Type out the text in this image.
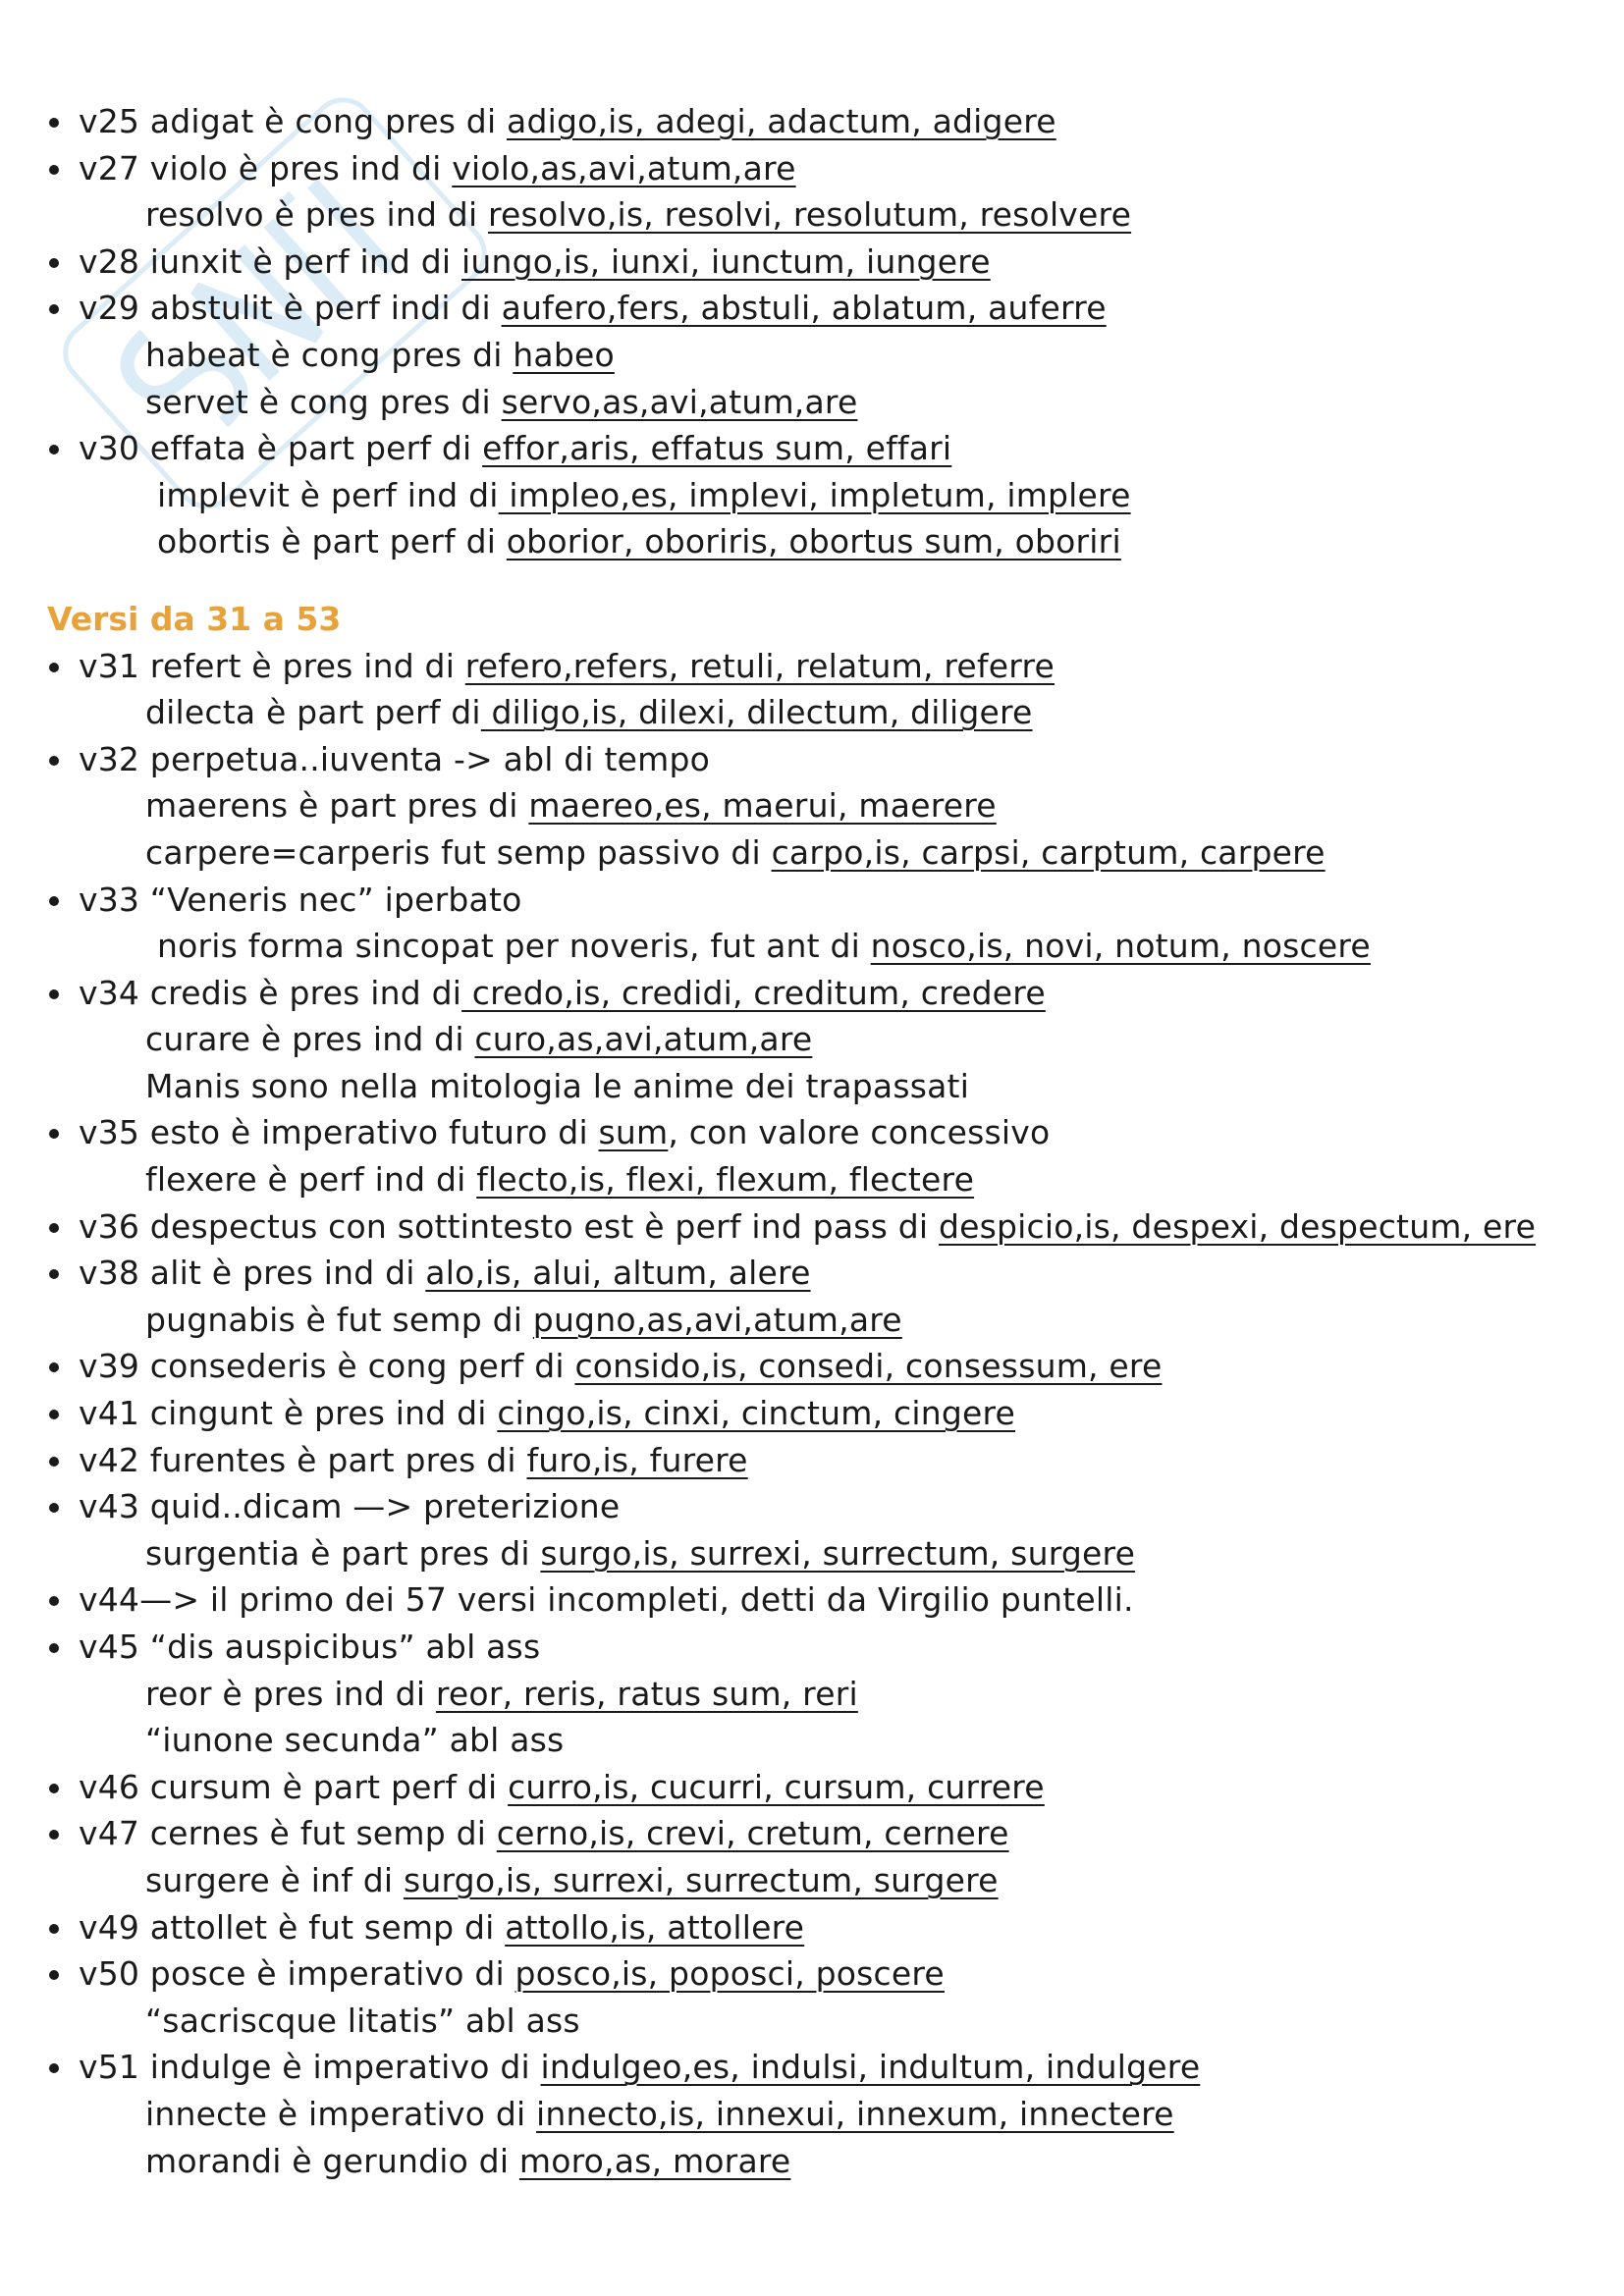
v25 adigat è cong pres di adigo,is, adegi, adactum, adigere
v27 violo è pres ind di violo,as,avi,atum,are
resolvo è pres ind di resolvo,is, resolvi, resolutum, resolvere
v28 iunxit è perf ind di iungo,is, iunxi, iunctum, iungere
v29 abstulit è perf indi di aufero,fers, abstuli, ablatum, auferre
habeat è cong pres di habeo
servet è cong pres di servo,as,avi,atum,are
v30 effata è part perf di effor,aris, effatus sum, effari
implevit è perf ind di impleo,es, implevi, impletum, implere
obortis è part perf di oborior, oboriris, obortus sum, oboriri
Versi da 31 a 53
v31 refert è pres ind di refero,refers, retuli, relatum, referre
dilecta è part perf di diligo,is, dilexi, dilectum, diligere
v32 perpetua..iuventa -> abl di tempo
maerens è part pres di maereo,es, maerui, maerere
carpere=carperis fut semp passivo di carpo,is, carpsi, carptum, carpere
v33 “Veneris nec” iperbato
noris forma sincopat per noveris, fut ant di nosco,is, novi, notum, noscere
v34 credis è pres ind di credo,is, credidi, creditum, credere
curare è pres ind di curo,as,avi,atum,are
Manis sono nella mitologia le anime dei trapassati
v35 esto è imperativo futuro di sum, con valore concessivo
flexere è perf ind di flecto,is, flexi, flexum, flectere
v36 despectus con sottintesto est è perf ind pass di despicio,is, despexi, despectum, ere
v38 alit è pres ind di alo,is, alui, altum, alere
pugnabis è fut semp di pugno,as,avi,atum,are
v39 consederis è cong perf di consido,is, consedi, consessum, ere
v41 cingunt è pres ind di cingo,is, cinxi, cinctum, cingere
v42 furentes è part pres di furo,is, furere
v43 quid..dicam —> preterizione
surgentia è part pres di surgo,is, surrexi, surrectum, surgere
v44—> il primo dei 57 versi incompleti, detti da Virgilio puntelli.
v45 “dis auspicibus” abl ass
reor è pres ind di reor, reris, ratus sum, reri
“iunone secunda” abl ass
v46 cursum è part perf di curro,is, cucurri, cursum, currere
v47 cernes è fut semp di cerno,is, crevi, cretum, cernere
surgere è inf di surgo,is, surrexi, surrectum, surgere
v49 attollet è fut semp di attollo,is, attollere
v50 posce è imperativo di posco,is, poposci, poscere
“sacriscque litatis” abl ass
v51 indulge è imperativo di indulgeo,es, indulsi, indultum, indulgere
innecte è imperativo di innecto,is, innexui, innexum, innectere
morandi è gerundio di moro,as, morare
